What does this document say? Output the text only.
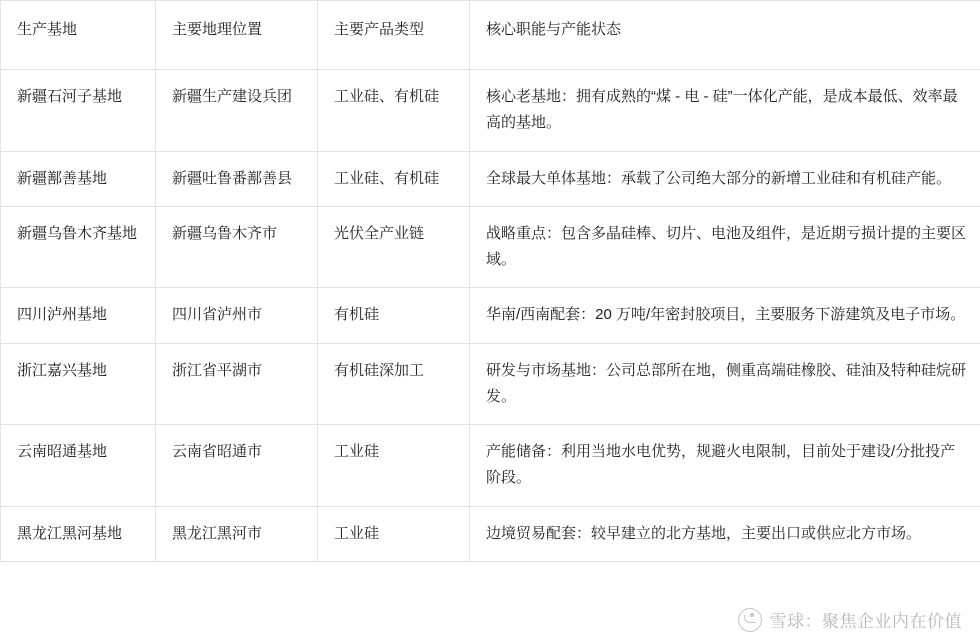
生产基地	主要地理位置	主要产品类型	核心职能与产能状态
新疆石河子基地	新疆生产建设兵团	工业硅、有机硅	核心老基地：拥有成熟的“煤 - 电 - 硅”一体化产能，是成本最低、效率最高的基地。
新疆鄯善基地	新疆吐鲁番鄯善县	工业硅、有机硅	全球最大单体基地：承载了公司绝大部分的新增工业硅和有机硅产能。
新疆乌鲁木齐基地	新疆乌鲁木齐市	光伏全产业链	战略重点：包含多晶硅棒、切片、电池及组件，是近期亏损计提的主要区域。
四川泸州基地	四川省泸州市	有机硅	华南/西南配套：20 万吨/年密封胶项目，主要服务下游建筑及电子市场。
浙江嘉兴基地	浙江省平湖市	有机硅深加工	研发与市场基地：公司总部所在地，侧重高端硅橡胶、硅油及特种硅烷研发。
云南昭通基地	云南省昭通市	工业硅	产能储备：利用当地水电优势，规避火电限制，目前处于建设/分批投产阶段。
黑龙江黑河基地	黑龙江黑河市	工业硅	边境贸易配套：较早建立的北方基地，主要出口或供应北方市场。
雪球：聚焦企业内在价值
